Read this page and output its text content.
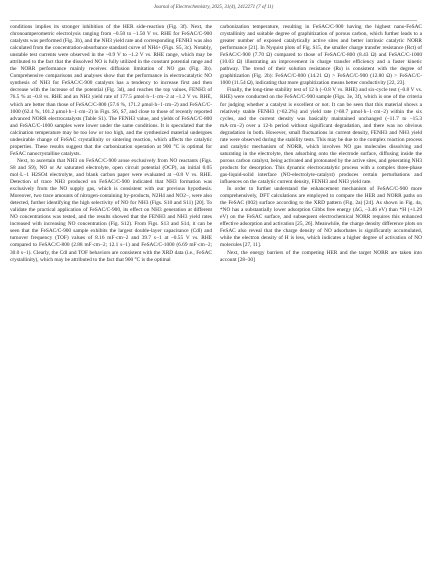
Journal of Electrochemistry, 2025, 31(4), 2412271 (7 of 11)

conditions implies its stronger inhibition of the HER side-reaction (Fig. 3f). Next, the chronoamperometric electrolysis ranging from –0.50 to –1.50 V vs. RHE for FeSAC/C-900 catalysts was performed (Fig. 3b), and the NH3 yield rate and corresponding FENH3 was also calculated from the concentration-absorbance standard curve of NH4+ (Figs. S5, 3c). Notably, unstable test currents were observed in the –0.9 V to –1.2 V vs. RHE range, which may be attributed to the fact that the dissolved NO is fully utilized in the constant potential range and the NORR performance mainly receives diffusion limitation of NO gas (Fig. 3b). Comprehensive comparisons and analyses show that the performance in electrocatalytic NO synthesis of NH3 for FeSAC/C-900 catalysts has a tendency to increase first and then decrease with the increase of the potential (Fig. 3d), and reaches the top values, FENH3 of 76.5 % at –0.8 vs. RHE and an NH3 yield rate of 177.5 μmol·h−1·cm−2 at –1.2 V vs. RHE, which are better than those of FeSAC/C-800 (57.6 %, 171.2 μmol·h−1·cm−2) and FeSAC/C-1000 (62.4 %, 101.2 μmol·h−1·cm−2) in Figs. S6, S7, and close to those of recently reported advanced NORR electrocatalysts (Table S1). The FENH3 value, and yields of FeSAC/C-800 and FeSAC/C-1000 samples were lower under the same conditions. It is speculated that the calcination temperature may be too low or too high, and the synthesized material undergoes undesirable change of FeSAC crystallinity or sintering reaction, which affects the catalytic properties. These results suggest that the carbonization operation at 900 °C is optimal for FeSAC nanocrystalline catalysts.

Next, to ascertain that NH3 on FeSAC/C-900 arose exclusively from NO reactants (Figs. S8 and S9), NO or Ar saturated electrolyte, open circuit potential (OCP), an initial 0.05 mol·L−1 H2SO4 electrolyte, and blank carbon paper were evaluated at –0.8 V vs. RHE. Detection of trace NH3 produced on FeSAC/C-900 indicated that NH3 formation was exclusively from the NO supply gas, which is consistent with our previous hypothesis. Moreover, two trace amounts of nitrogen-containing by-products, N2H4 and NO2−, were also detected, further identifying the high selectivity of NO for NH3 (Figs. S10 and S11) [20]. To validate the practical application of FeSAC/C-900, its effect on NH3 generation at different NO concentrations was tested, and the results showed that the FENH3 and NH3 yield rates increased with increasing NO concentration (Fig. S12). From Figs. S13 and S14, it can be seen that the FeSAC/C-900 sample exhibits the largest double-layer capacitance (Cdl) and turnover frequency (TOF) values of 8.16 mF·cm−2 and 39.7 s−1 at –0.55 V vs. RHE compared to FeSAC/C-800 (2.88 mF·cm−2; 12.1 s−1) and FeSAC/C-1000 (6.69 mF·cm−2; 30.0 s−1). Clearly, the Cdl and TOF behaviors are consistent with the XRD data (i.e., FeSAC crystallinity), which may be attributed to the fact that 900 °C is the optimal

carbonization temperature, resulting in FeSAC/C-900 having the highest nano-FeSAC crystallinity and suitable degree of graphitization of porous carbon, which further leads to a greater number of exposed catalytically active sites and better intrinsic catalytic NORR performance [21]. In Nyquist plots of Fig. S15, the smaller charge transfer resistance (Rct) of FeSAC/C-900 (7.70 Ω) compared to those of FeSAC/C-800 (8.43 Ω) and FeSAC/C-1000 (10.03 Ω) illustrating an improvement in charge transfer efficiency and a faster kinetic pathway. The trend of their solution resistance (Rs) is consistent with the degree of graphitization (Fig. 2b): FeSAC/C-800 (14.21 Ω) > FeSAC/C-900 (12.80 Ω) > FeSAC/C-1000 (11.54 Ω), indicating that more graphitization means better conductivity [22, 23].

Finally, the long-time stability test of 12 h (–0.8 V vs. RHE) and six-cycle test (–0.8 V vs. RHE) were conducted on the FeSAC/C-900 sample (Figs. 3e, 3f), which is one of the criteria for judging whether a catalyst is excellent or not. It can be seen that this material shows a relatively stable FENH3 (>62.2%) and yield rate (>68.7 μmol·h−1·cm−2) within the six cycles, and the current density was basically maintained unchanged (–11.7 to –15.3 mA·cm−2) over a 12-h period without significant degradation, and there was no obvious degradation in both. However, small fluctuations in current density, FENH3 and NH3 yield rate were observed during the stability tests. This may be due to the complex reaction process and catalytic mechanism of NORR, which involves NO gas molecules dissolving and saturating in the electrolyte, then adsorbing onto the electrode surface, diffusing inside the porous carbon catalyst, being activated and protonated by the active sites, and generating NH3 products for desorption. This dynamic electrocatalytic process with a complex three-phase gas-liquid-solid interface (NO-electrolyte-catalyst) produces certain perturbations and influences on the catalytic current density, FENH3 and NH3 yield rate.

In order to further understand the enhancement mechanism of FeSAC/C-900 more comprehensively, DFT calculations are employed to compare the HER and NORR paths on the FeSAC (002) surface according to the XRD pattern (Fig. 2a) [24]. As shown in Fig. 4a, *NO has a substantially lower adsorption Gibbs free energy (ΔG, –3.46 eV) than *H (+1.29 eV) on the FeSAC surface, and subsequent electrochemical NORR requires this enhanced effective adsorption and activation [25, 26]. Meanwhile, the charge density difference plots on FeSAC also reveal that the charge density of NO adsorbates is significantly accumulated, while the electron density of H is less, which indicates a higher degree of activation of NO molecules [27, 11].

Next, the energy barriers of the competing HER and the target NORR are taken into account [28–30]
